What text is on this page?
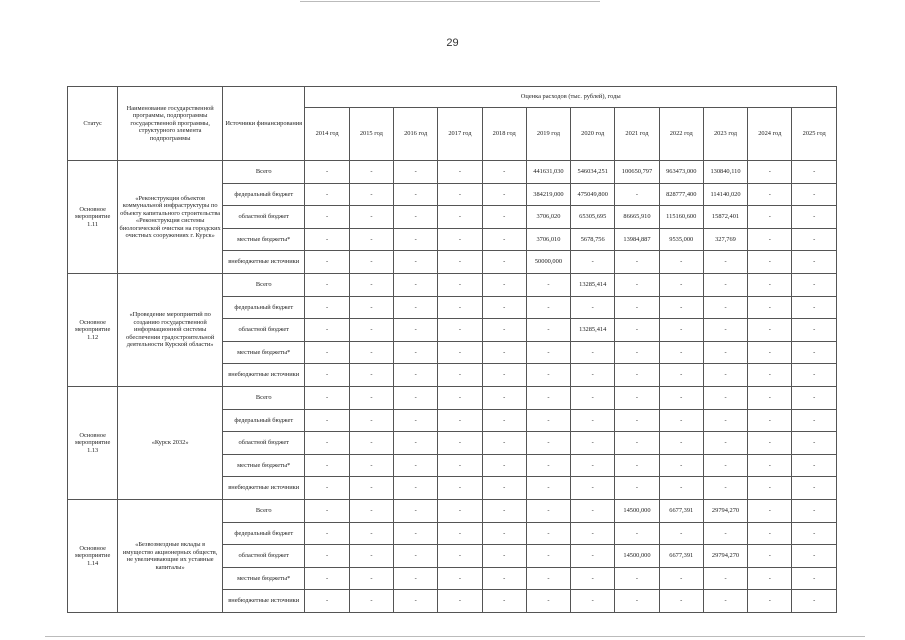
29
Статус	Наименование государственной программы, подпрограммы государственной программы, структурного элемента подпрограммы	Источники финансирования	Оценка расходов (тыс. рублей), годы											
			2014 год	2015 год	2016 год	2017 год	2018 год	2019 год	2020 год	2021 год	2022 год	2023 год	2024 год	2025 год
Основное мероприятие 1.11	«Реконструкция объектов коммунальной инфраструктуры по объекту капитального строительства «Реконструкция системы биологической очистки на городских очистных сооружениях г. Курск»	Всего	-	-	-	-	-	441631,030	546034,251	100650,797	963473,000	130840,110	-	-
		федеральный бюджет	-	-	-	-	-	384219,000	475049,800	-	828777,400	114140,020	-	-
		областной бюджет	-	-	-	-	-	3706,020	65305,695	86665,910	115160,600	15872,401	-	-
		местные бюджеты*	-	-	-	-	-	3706,010	5678,756	13984,887	9535,000	327,769	-	-
		внебюджетные источники	-	-	-	-	-	50000,000	-	-	-	-	-	-
Основное мероприятие 1.12	«Проведение мероприятий по созданию государственной информационной системы обеспечения градостроительной деятельности Курской области»	Всего	-	-	-	-	-	-	13285,414	-	-	-	-	-
		федеральный бюджет	-	-	-	-	-	-	-	-	-	-	-	-
		областной бюджет	-	-	-	-	-	-	13285,414	-	-	-	-	-
		местные бюджеты*	-	-	-	-	-	-	-	-	-	-	-	-
		внебюджетные источники	-	-	-	-	-	-	-	-	-	-	-	-
Основное мероприятие 1.13	«Курск 2032»	Всего	-	-	-	-	-	-	-	-	-	-	-	-
		федеральный бюджет	-	-	-	-	-	-	-	-	-	-	-	-
		областной бюджет	-	-	-	-	-	-	-	-	-	-	-	-
		местные бюджеты*	-	-	-	-	-	-	-	-	-	-	-	-
		внебюджетные источники	-	-	-	-	-	-	-	-	-	-	-	-
Основное мероприятие 1.14	«Безвозмездные вклады в имущество акционерных обществ, не увеличивающие их уставные капиталы»	Всего	-	-	-	-	-	-	-	14500,000	6677,391	29794,270	-	-
		федеральный бюджет	-	-	-	-	-	-	-	-	-	-	-	-
		областной бюджет	-	-	-	-	-	-	-	14500,000	6677,391	29794,270	-	-
		местные бюджеты*	-	-	-	-	-	-	-	-	-	-	-	-
		внебюджетные источники	-	-	-	-	-	-	-	-	-	-	-	-
